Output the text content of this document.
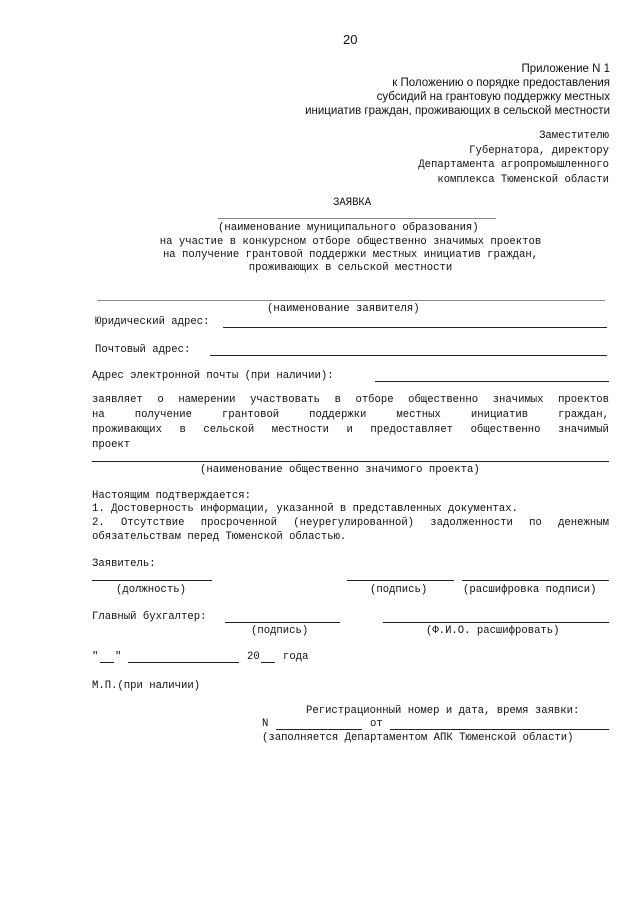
20
Приложение N 1
к Положению о порядке предоставления
субсидий на грантовую поддержку местных
инициатив граждан, проживающих в сельской местности
Заместителю
Губернатора, директору
Департамента агропромышленного
комплекса Тюменской области
ЗАЯВКА
(наименование муниципального образования)
на участие в конкурсном отборе общественно значимых проектов
на получение грантовой поддержки местных инициатив граждан,
проживающих в сельской местности
(наименование заявителя)
Юридический адрес:
Почтовый адрес:
Адрес электронной почты (при наличии):
заявляет о намерении участвовать в отборе общественно значимых проектов
на	получение	грантовой	поддержки	местных	инициатив	граждан,
проживающих в сельской местности и предоставляет общественно значимый
проект
(наименование общественно значимого проекта)
Настоящим подтверждается:
1. Достоверность информации, указанной в представленных документах.
2. Отсутствие просроченной (неурегулированной) задолженности по денежным
обязательствам перед Тюменской областью.
Заявитель:
(должность)	(подпись)	(расшифровка подписи)
Главный бухгалтер:
(подпись)	(Ф.И.О. расшифровать)
" "	20 года
М.П.(при наличии)
Регистрационный номер и дата, время заявки:
N	от
(заполняется Департаментом АПК Тюменской области)
